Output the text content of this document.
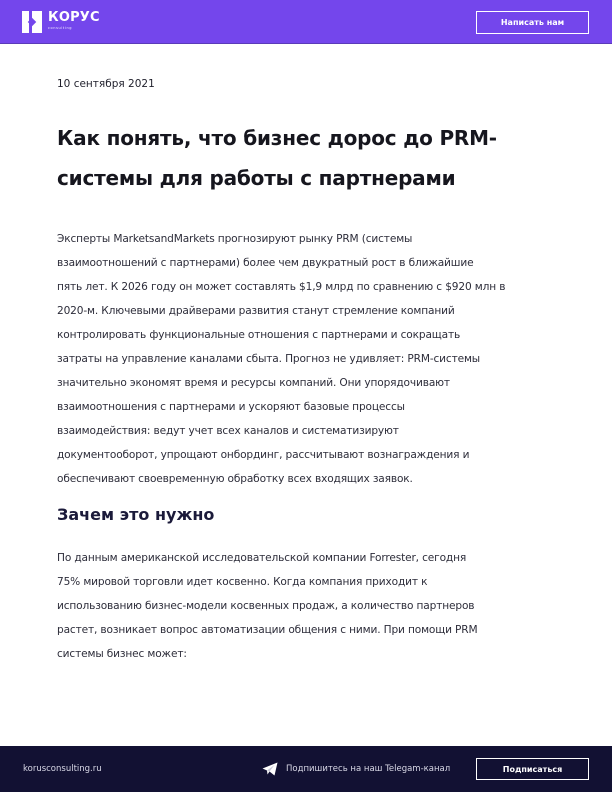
КОРУС
consulting
Написать нам
10 сентября 2021
Как понять, что бизнес дорос до PRM-
системы для работы с партнерами
Эксперты MarketsandMarkets прогнозируют рынку PRM (системы
взаимоотношений с партнерами) более чем двукратный рост в ближайшие
пять лет. К 2026 году он может составлять $1,9 млрд по сравнению с $920 млн в
2020-м. Ключевыми драйверами развития станут стремление компаний
контролировать функциональные отношения с партнерами и сокращать
затраты на управление каналами сбыта. Прогноз не удивляет: PRM-системы
значительно экономят время и ресурсы компаний. Они упорядочивают
взаимоотношения с партнерами и ускоряют базовые процессы
взаимодействия: ведут учет всех каналов и систематизируют
документооборот, упрощают онбординг, рассчитывают вознаграждения и
обеспечивают своевременную обработку всех входящих заявок.
Зачем это нужно
По данным американской исследовательской компании Forrester, сегодня
75% мировой торговли идет косвенно. Когда компания приходит к
использованию бизнес-модели косвенных продаж, а количество партнеров
растет, возникает вопрос автоматизации общения с ними. При помощи PRM
системы бизнес может:
korusconsulting.ru	Подпишитесь на наш Telegam-канал	Подписаться
